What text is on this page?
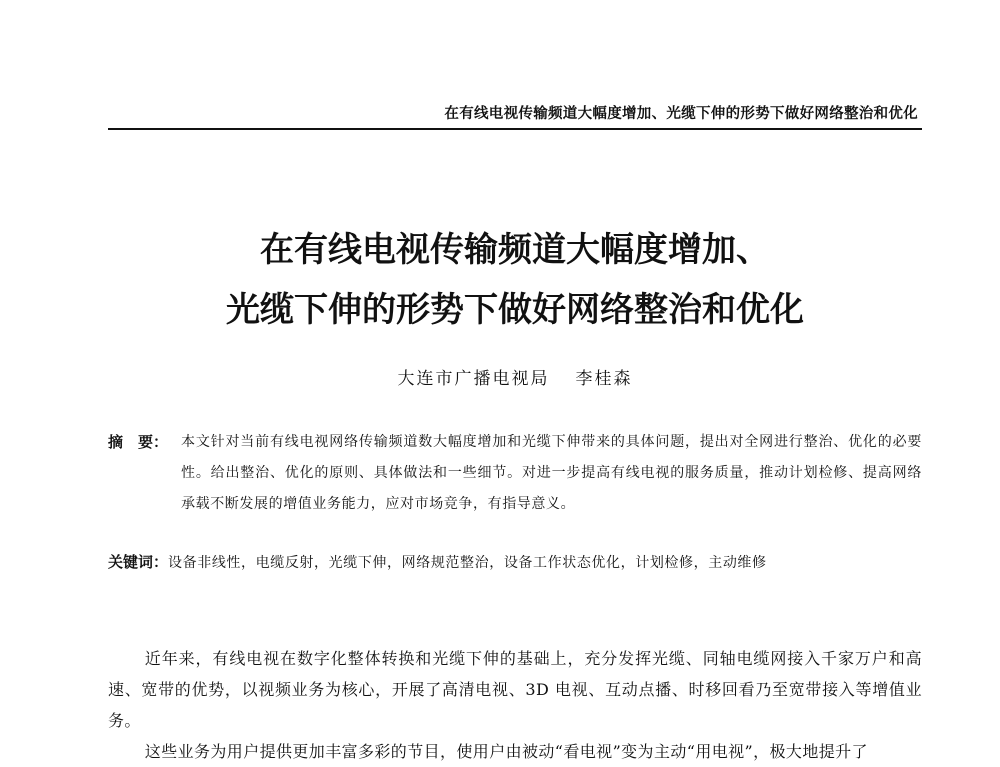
在有线电视传输频道大幅度增加、光缆下伸的形势下做好网络整治和优化
在有线电视传输频道大幅度增加、
光缆下伸的形势下做好网络整治和优化
大连市广播电视局 李桂森
摘　要： 本文针对当前有线电视网络传输频道数大幅度增加和光缆下伸带来的具体问题，提出对全网进行整治、优化的必要性。给出整治、优化的原则、具体做法和一些细节。对进一步提高有线电视的服务质量，推动计划检修、提高网络承载不断发展的增值业务能力，应对市场竞争，有指导意义。
关键词：设备非线性，电缆反射，光缆下伸，网络规范整治，设备工作状态优化，计划检修，主动维修

近年来，有线电视在数字化整体转换和光缆下伸的基础上，充分发挥光缆、同轴电缆网接入千家万户和高速、宽带的优势，以视频业务为核心，开展了高清电视、3D 电视、互动点播、时移回看乃至宽带接入等增值业务。

这些业务为用户提供更加丰富多彩的节目，使用户由被动“看电视”变为主动“用电视”，极大地提升了
